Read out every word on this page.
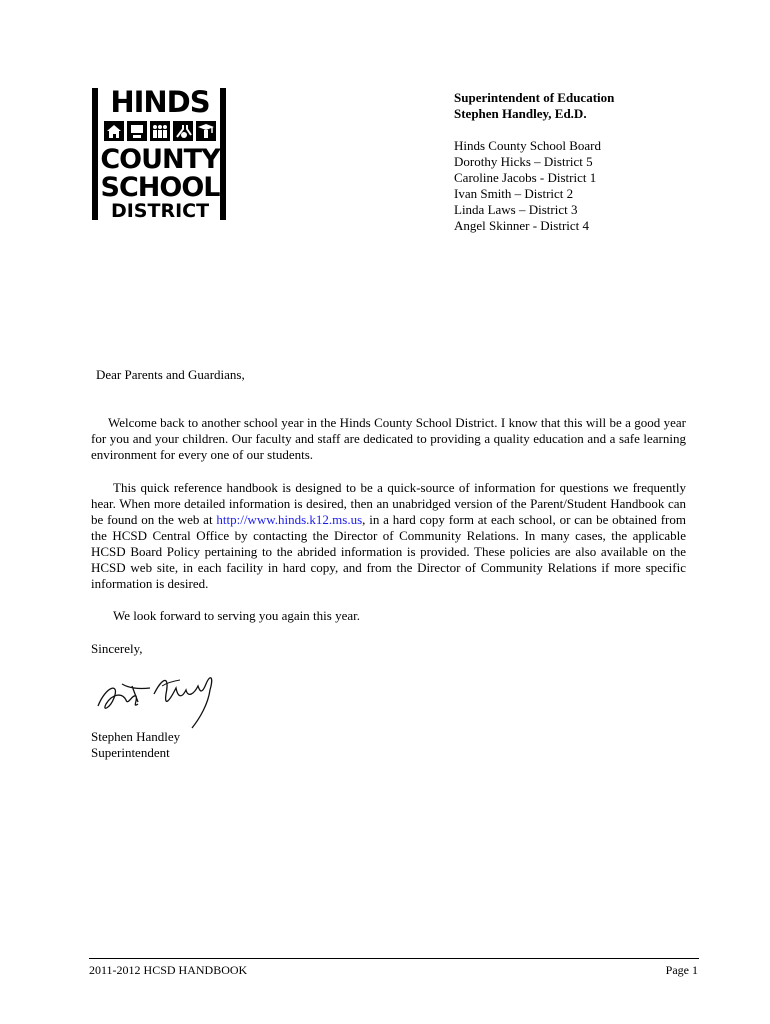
HINDS
COUNTY
SCHOOL
DISTRICT
Superintendent of Education
Stephen Handley, Ed.D.
Hinds County School Board
Dorothy Hicks – District 5
Caroline Jacobs - District 1
Ivan Smith – District 2
Linda Laws – District 3
Angel Skinner - District 4
Dear Parents and Guardians,
Welcome back to another school year in the Hinds County School District. I know that this will be a good year for you and your children. Our faculty and staff are dedicated to providing a quality education and a safe learning environment for every one of our students.
This quick reference handbook is designed to be a quick-source of information for questions we frequently hear. When more detailed information is desired, then an unabridged version of the Parent/Student Handbook can be found on the web at http://www.hinds.k12.ms.us, in a hard copy form at each school, or can be obtained from the HCSD Central Office by contacting the Director of Community Relations. In many cases, the applicable HCSD Board Policy pertaining to the abrided information is provided. These policies are also available on the HCSD web site, in each facility in hard copy, and from the Director of Community Relations if more specific information is desired.
We look forward to serving you again this year.
Sincerely,
Stephen Handley
Superintendent
2011-2012 HCSD HANDBOOK	Page 1
